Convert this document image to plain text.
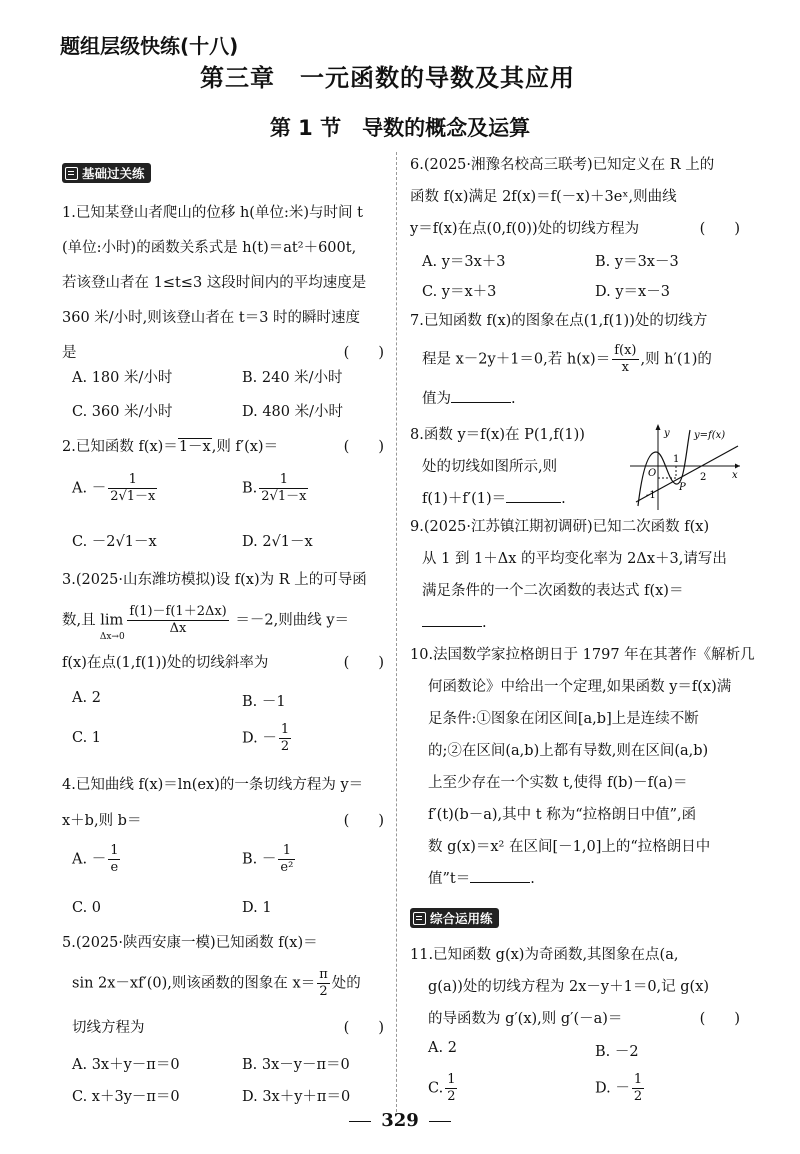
题组层级快练(十八)
第三章　一元函数的导数及其应用
第 1 节　导数的概念及运算
基础过关练
1.已知某登山者爬山的位移 h(单位:米)与时间 t
(单位:小时)的函数关系式是 h(t)＝at²＋600t,
若该登山者在 1≤t≤3 这段时间内的平均速度是
360 米/小时,则该登山者在 t＝3 时的瞬时速度
是	(　　)
A. 180 米/小时	B. 240 米/小时
C. 360 米/小时	D. 480 米/小时
2.已知函数 f(x)＝1－x,则 f′(x)＝	(　　)
A. － $\frac{1}{2√1-x}$	B. $\frac{1}{2√1-x}$
C. －2√1－x	D. 2√1－x
3.(2025·山东潍坊模拟)设 f(x)为 R 上的可导函
数,且 $\lim _{\Delta x\to 0} \frac{f(1)-f(1+2\Delta x)}{\Delta x} =-2$,则曲线 y＝
f(x)在点(1,f(1))处的切线斜率为	(　　)
A. 2	B. －1
C. 1	D. － $\frac{1}{2}$
4.已知曲线 f(x)＝ln(ex)的一条切线方程为 y＝
x＋b,则 b＝	(　　)
A. － $\frac{1}{e}$	B. － $\frac{1}{\text{e²}}$
C. 0	D. 1
5.(2025·陕西安康一模)已知函数 f(x)＝
sin 2x－xf′(0),则该函数的图象在 $x= \frac{\pi}{2}$ 处的
切线方程为	(　　)
A. 3x＋y－π＝0	B. 3x－y－π＝0
C. x＋3y－π＝0	D. 3x＋y＋π＝0
6.(2025·湘豫名校高三联考)已知定义在 R 上的
函数 f(x)满足 2f(x)＝f(－x)＋3eˣ,则曲线
y＝f(x)在点(0,f(0))处的切线方程为	(　　)
A. y＝3x＋3	B. y＝3x－3
C. y＝x＋3	D. y＝x－3
7.已知函数 f(x)的图象在点(1,f(1))处的切线方
程是 x－2y＋1＝0,若 $h(x)= \frac{f(x)}{x}$ ,则 h′(1)的
值为	.
8.函数 y＝f(x)在 P(1,f(1))
处的切线如图所示,则
f(1)＋f′(1)＝	.
y
x
y=f(x)
O
P
1
2
-1
9.(2025·江苏镇江期初调研)已知二次函数 f(x)
从 1 到 1＋Δx 的平均变化率为 2Δx＋3,请写出
满足条件的一个二次函数的表达式 f(x)＝
.
10.法国数学家拉格朗日于 1797 年在其著作《解析几
何函数论》中给出一个定理,如果函数 y＝f(x)满
足条件:①图象在闭区间[a,b]上是连续不断
的;②在区间(a,b)上都有导数,则在区间(a,b)
上至少存在一个实数 t,使得 f(b)－f(a)＝
f′(t)(b－a),其中 t 称为“拉格朗日中值”,函
数 g(x)＝x² 在区间[－1,0]上的“拉格朗日中
值”t＝	.
综合运用练
11.已知函数 g(x)为奇函数,其图象在点(a,
g(a))处的切线方程为 2x－y＋1＝0,记 g(x)
的导函数为 g′(x),则 g′(－a)＝	(　　)
A. 2	B. －2
C. $\frac{1}{2}$	D. － $\frac{1}{2}$
329
